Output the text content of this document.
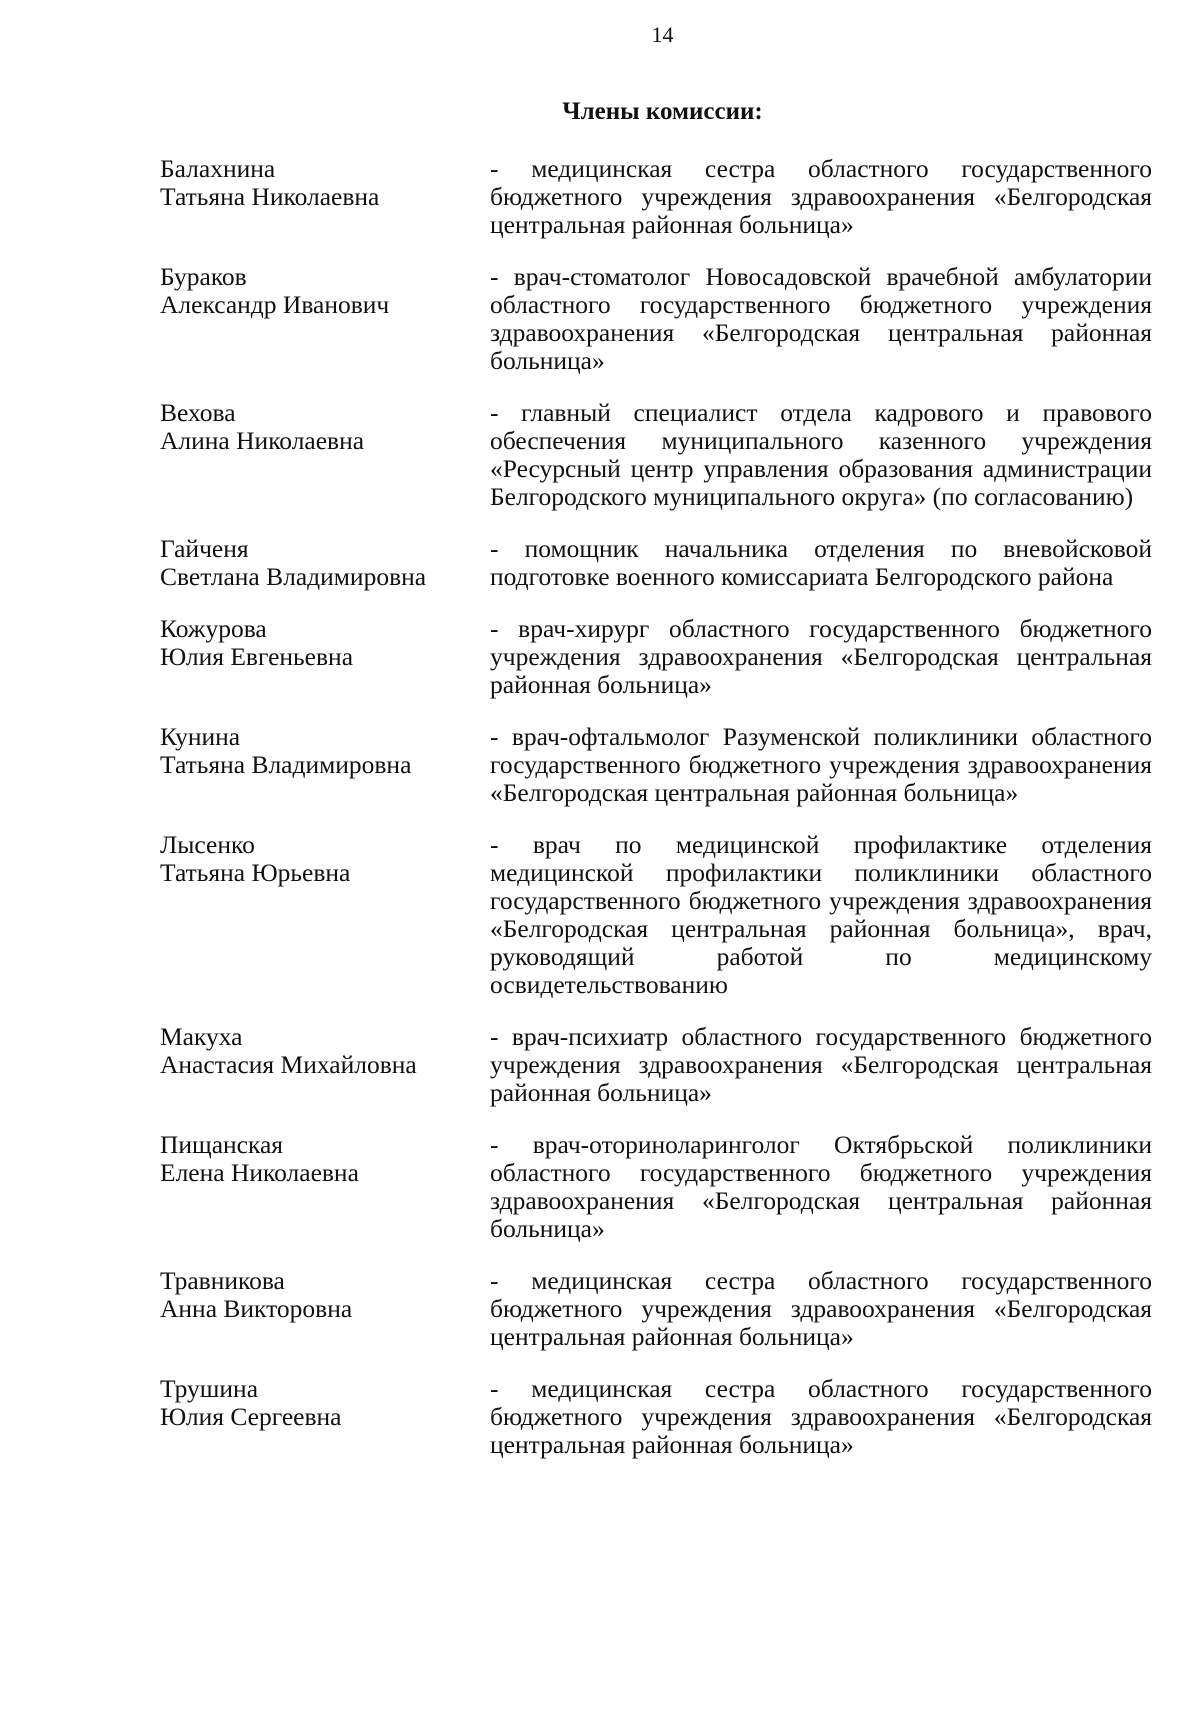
14
Члены комиссии:
Балахнина
Татьяна Николаевна
- медицинская сестра областного государственного бюджетного учреждения здравоохранения «Белгородская центральная районная больница»
Бураков
Александр Иванович
- врач-стоматолог Новосадовской врачебной амбулатории областного государственного бюджетного учреждения здравоохранения «Белгородская центральная районная больница»
Вехова
Алина Николаевна
- главный специалист отдела кадрового и правового обеспечения муниципального казенного учреждения «Ресурсный центр управления образования администрации Белгородского муниципального округа» (по согласованию)
Гайченя
Светлана Владимировна
- помощник начальника отделения по вневойсковой подготовке военного комиссариата Белгородского района
Кожурова
Юлия Евгеньевна
- врач-хирург областного государственного бюджетного учреждения здравоохранения «Белгородская центральная районная больница»
Кунина
Татьяна Владимировна
- врач-офтальмолог Разуменской поликлиники областного государственного бюджетного учреждения здравоохранения «Белгородская центральная районная больница»
Лысенко
Татьяна Юрьевна
- врач по медицинской профилактике отделения медицинской профилактики поликлиники областного государственного бюджетного учреждения здравоохранения «Белгородская центральная районная больница», врач, руководящий работой по медицинскому освидетельствованию
Макуха
Анастасия Михайловна
- врач-психиатр областного государственного бюджетного учреждения здравоохранения «Белгородская центральная районная больница»
Пищанская
Елена Николаевна
- врач-оториноларинголог Октябрьской поликлиники областного государственного бюджетного учреждения здравоохранения «Белгородская центральная районная больница»
Травникова
Анна Викторовна
- медицинская сестра областного государственного бюджетного учреждения здравоохранения «Белгородская центральная районная больница»
Трушина
Юлия Сергеевна
- медицинская сестра областного государственного бюджетного учреждения здравоохранения «Белгородская центральная районная больница»
